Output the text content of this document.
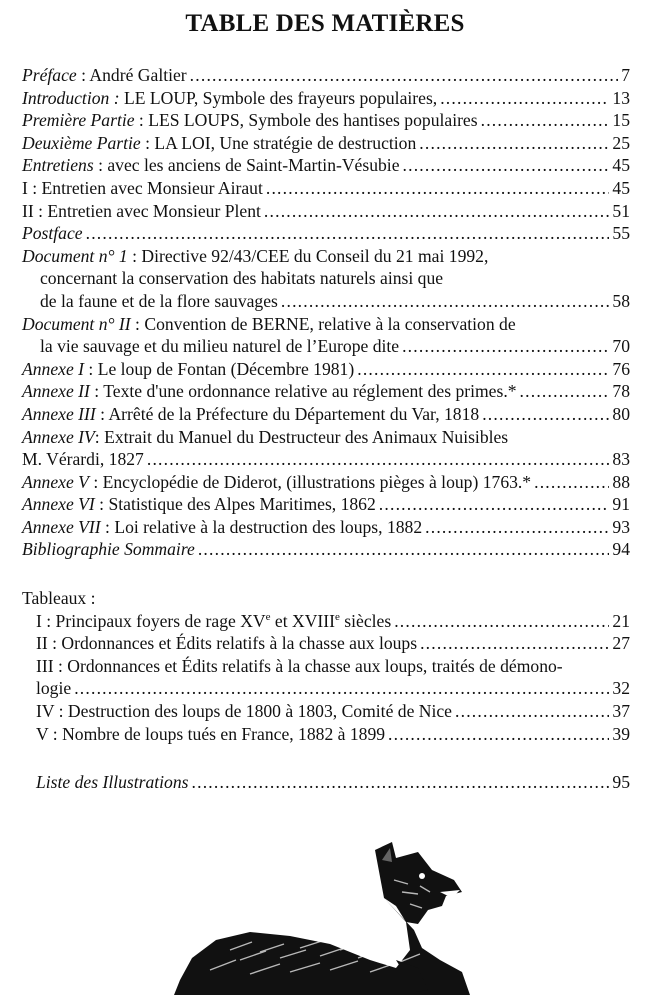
TABLE DES MATIÈRES
Préface : André Galtier . . .	7
Introduction : LE LOUP, Symbole des frayeurs populaires, . . .	13
Première Partie : LES LOUPS, Symbole des hantises populaires . . .	15
Deuxième Partie : LA LOI, Une stratégie de destruction . . .	25
Entretiens : avec les anciens de Saint-Martin-Vésubie . . .	45
I : Entretien avec Monsieur Airaut . . .	45
II : Entretien avec Monsieur Plent . . .	51
Postface . . .	55
Document n° 1 : Directive 92/43/CEE du Conseil du 21 mai 1992,
concernant la conservation des habitats naturels ainsi que
de la faune et de la flore sauvages . . .	58
Document n° II : Convention de BERNE, relative à la conservation de
la vie sauvage et du milieu naturel de l’Europe dite . . .	70
Annexe I : Le loup de Fontan (Décembre 1981) . . .	76
Annexe II : Texte d'une ordonnance relative au réglement des primes.* . . .	78
Annexe III : Arrêté de la Préfecture du Département du Var, 1818 . . .	80
Annexe IV: Extrait du Manuel du Destructeur des Animaux Nuisibles
M. Vérardi, 1827 . . .	83
Annexe V : Encyclopédie de Diderot, (illustrations pièges à loup) 1763.* . . .	88
Annexe VI : Statistique des Alpes Maritimes, 1862 . . .	91
Annexe VII : Loi relative à la destruction des loups, 1882 . . .	93
Bibliographie Sommaire . . .	94
Tableaux :
I : Principaux foyers de rage XVe et XVIIIe siècles . . .	21
II : Ordonnances et Édits relatifs à la chasse aux loups . . .	27
III : Ordonnances et Édits relatifs à la chasse aux loups, traités de démono-
logie . . .	32
IV : Destruction des loups de 1800 à 1803, Comité de Nice . . .	37
V : Nombre de loups tués en France, 1882 à 1899 . . .	39
Liste des Illustrations . . .	95
